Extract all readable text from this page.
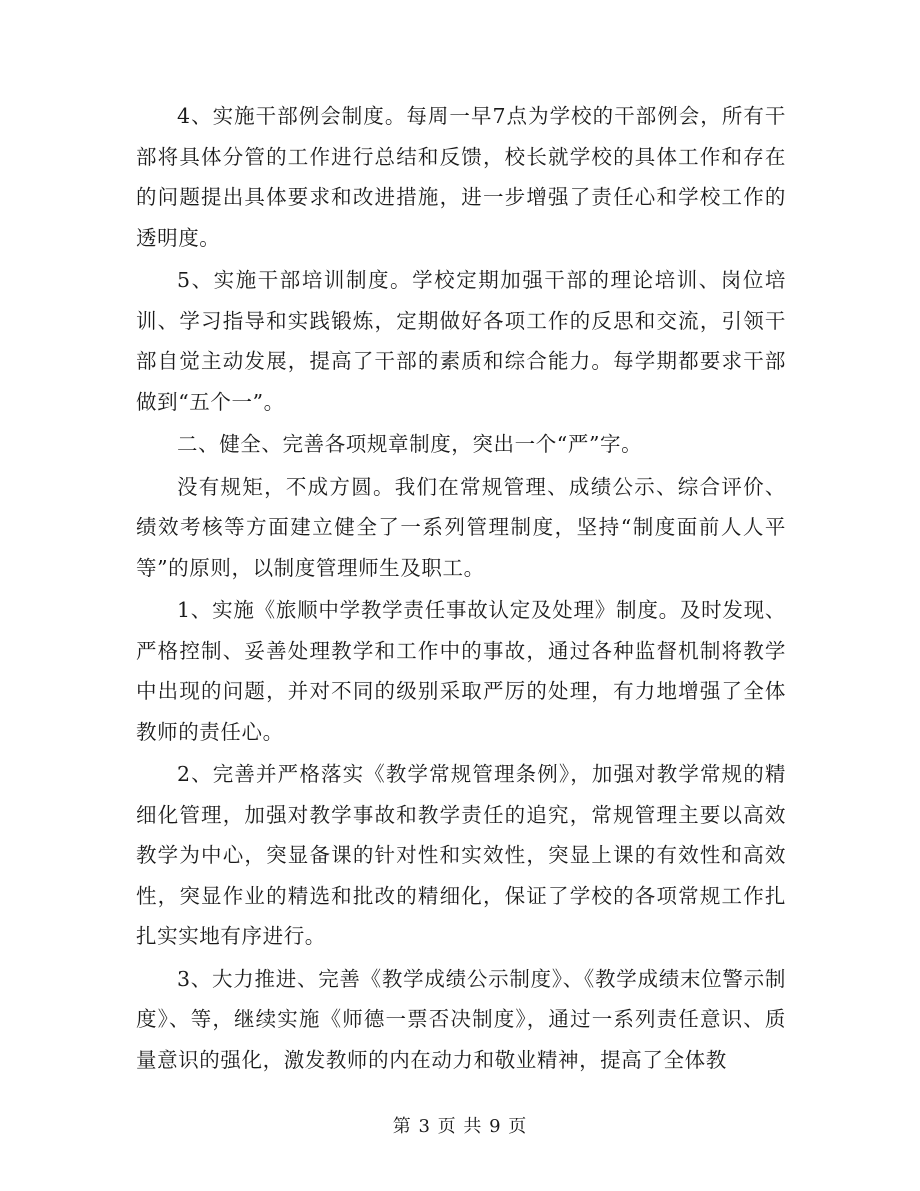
4、实施干部例会制度。每周一早7点为学校的干部例会，所有干部将具体分管的工作进行总结和反馈，校长就学校的具体工作和存在的问题提出具体要求和改进措施，进一步增强了责任心和学校工作的透明度。

5、实施干部培训制度。学校定期加强干部的理论培训、岗位培训、学习指导和实践锻炼，定期做好各项工作的反思和交流，引领干部自觉主动发展，提高了干部的素质和综合能力。每学期都要求干部做到“五个一”。

二、健全、完善各项规章制度，突出一个“严”字。

没有规矩，不成方圆。我们在常规管理、成绩公示、综合评价、绩效考核等方面建立健全了一系列管理制度，坚持“制度面前人人平等”的原则，以制度管理师生及职工。

1、实施《旅顺中学教学责任事故认定及处理》制度。及时发现、严格控制、妥善处理教学和工作中的事故，通过各种监督机制将教学中出现的问题，并对不同的级别采取严厉的处理，有力地增强了全体教师的责任心。

2、完善并严格落实《教学常规管理条例》，加强对教学常规的精细化管理，加强对教学事故和教学责任的追究，常规管理主要以高效教学为中心，突显备课的针对性和实效性，突显上课的有效性和高效性，突显作业的精选和批改的精细化，保证了学校的各项常规工作扎扎实实地有序进行。

3、大力推进、完善《教学成绩公示制度》、《教学成绩末位警示制度》、等，继续实施《师德一票否决制度》，通过一系列责任意识、质量意识的强化，激发教师的内在动力和敬业精神，提高了全体教

第 3 页 共 9 页
